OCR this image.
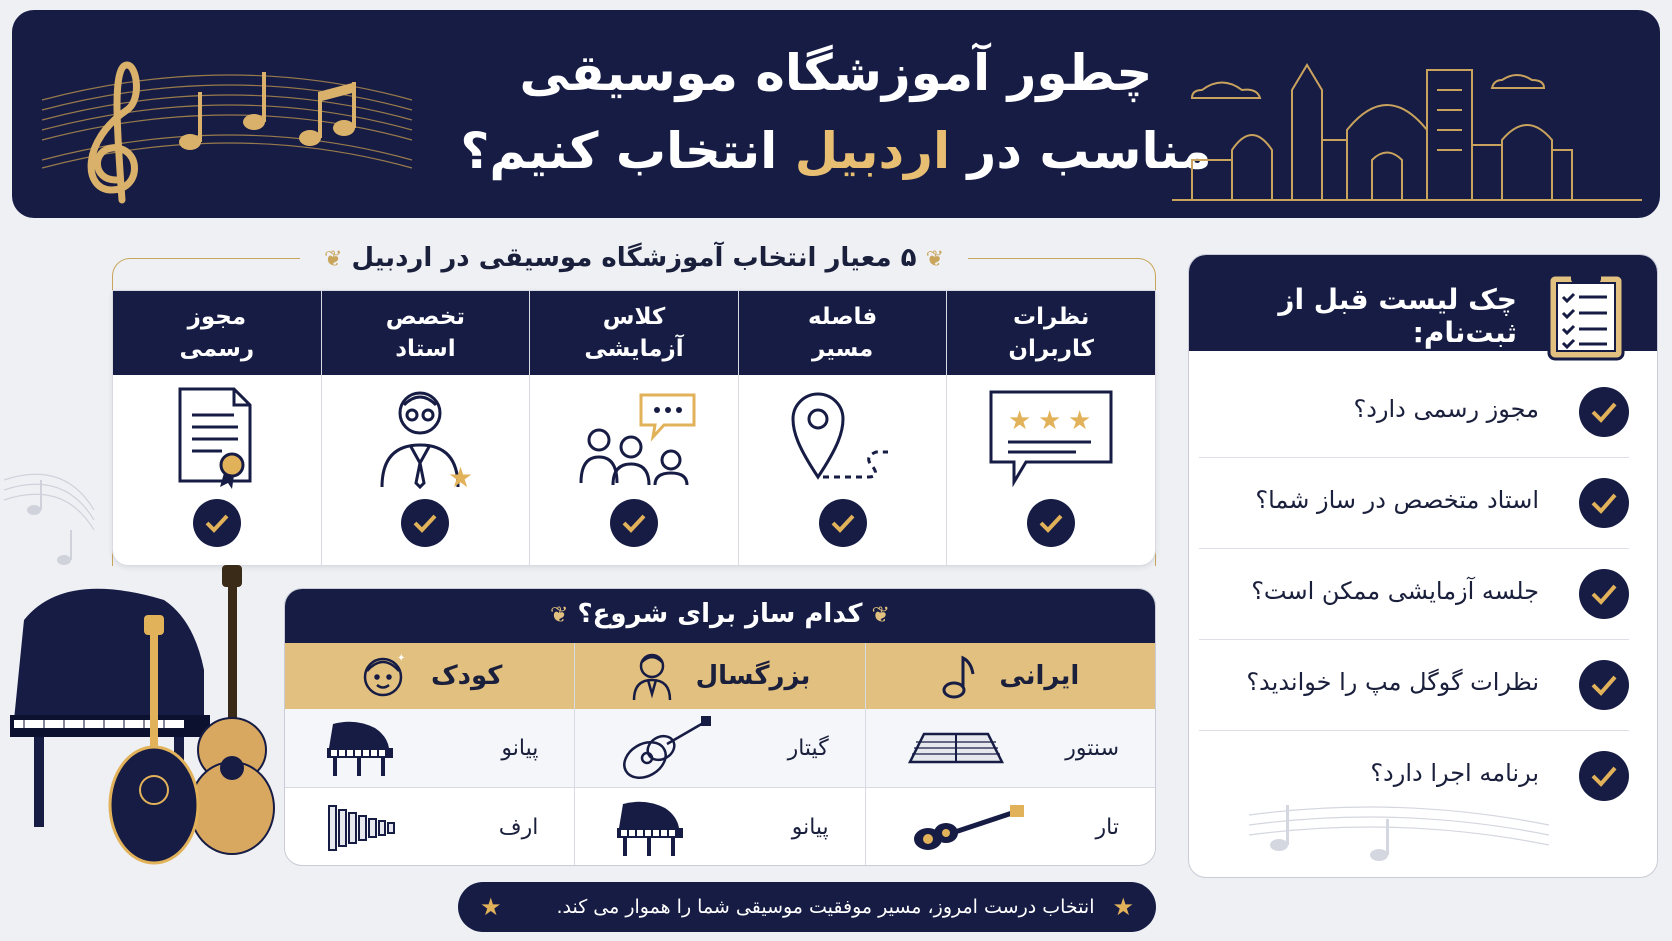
چطور آموزشگاه موسیقی
مناسب در اردبیل انتخاب کنیم؟
❦ ۵ معیار انتخاب آموزشگاه موسیقی در اردبیل ❦
نظرات
کاربران
★ ★ ★
فاصله
مسیر
کلاس
آزمایشی
تخصص
استاد
★
مجوز
رسمی
چک لیست قبل از ثبت‌نام:
مجوز رسمی دارد؟
استاد متخصص در ساز شما؟
جلسه آزمایشی ممکن است؟
نظرات گوگل مپ را خواندید؟
برنامه اجرا دارد؟
❦ کدام ساز برای شروع؟ ❦
ایرانی
سنتور
تار
بزرگسال
گیتار
پیانو
کودک
✦
پیانو
ارف
★
انتخاب درست امروز، مسیر موفقیت موسیقی شما را هموار می کند.
★
